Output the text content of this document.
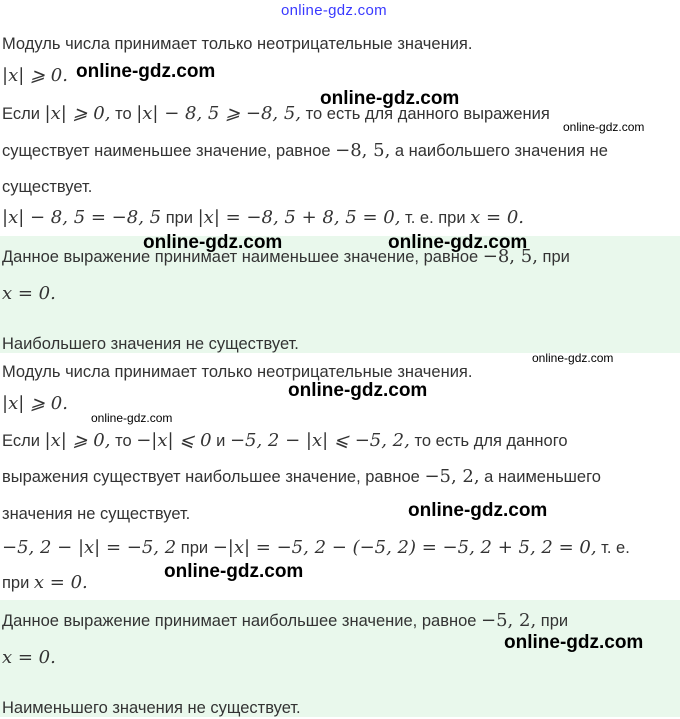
Модуль числа принимает только неотрицательные значения.
|x| ⩾ 0.
Если |x| ⩾ 0, то |x| − 8, 5 ⩾ −8, 5, то есть для данного выражения
существует наименьшее значение, равное −8, 5, а наибольшего значения не
существует.
|x| − 8, 5 = −8, 5 при |x| = −8, 5 + 8, 5 = 0, т. е. при x = 0.
Данное выражение принимает наименьшее значение, равное −8, 5, при
x = 0.
Наибольшего значения не существует.
Модуль числа принимает только неотрицательные значения.
|x| ⩾ 0.
Если |x| ⩾ 0, то −|x| ⩽ 0 и −5, 2 − |x| ⩽ −5, 2, то есть для данного
выражения существует наибольшее значение, равное −5, 2, а наименьшего
значения не существует.
−5, 2 − |x| = −5, 2 при −|x| = −5, 2 − (−5, 2) = −5, 2 + 5, 2 = 0, т. е.
при x = 0.
Данное выражение принимает наибольшее значение, равное −5, 2, при
x = 0.
Наименьшего значения не существует.
online-gdz.com
online-gdz.com
online-gdz.com
online-gdz.com
online-gdz.com	online-gdz.com
online-gdz.com
online-gdz.com
online-gdz.com
online-gdz.com
online-gdz.com
online-gdz.com
